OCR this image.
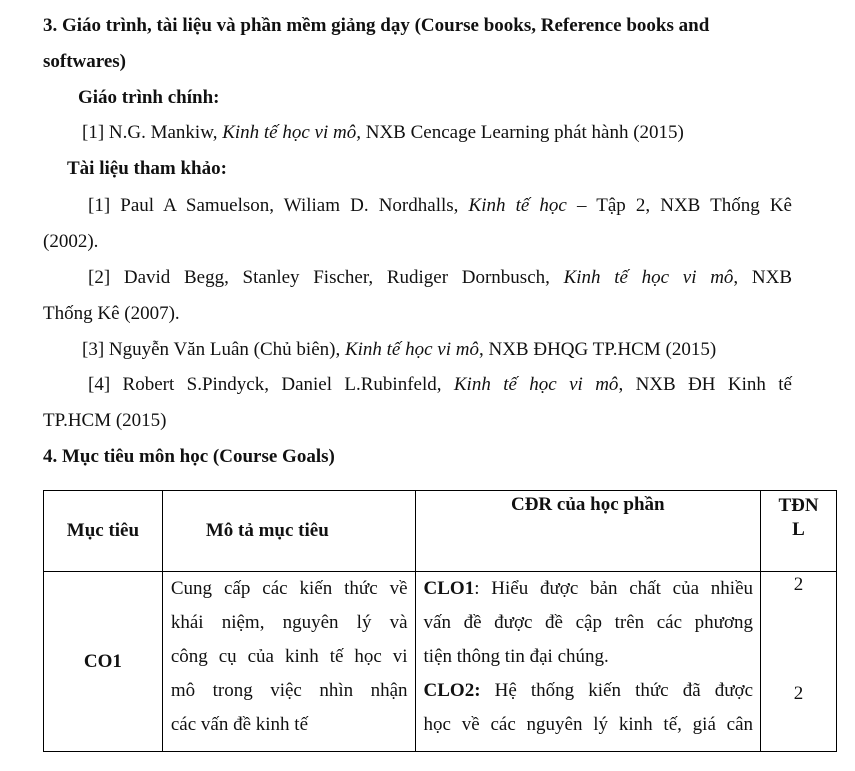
3. Giáo trình, tài liệu và phần mềm giảng dạy (Course books, Reference books and
softwares)
Giáo trình chính:
[1] N.G. Mankiw, Kinh tế học vi mô, NXB Cencage Learning phát hành (2015)
Tài liệu tham khảo:
[1] Paul A Samuelson, Wiliam D. Nordhalls, Kinh tế học – Tập 2, NXB Thống Kê
(2002).
[2] David Begg, Stanley Fischer, Rudiger Dornbusch, Kinh tế học vi mô, NXB
Thống Kê (2007).
[3] Nguyễn Văn Luân (Chủ biên), Kinh tế học vi mô, NXB ĐHQG TP.HCM (2015)
[4] Robert S.Pindyck, Daniel L.Rubinfeld, Kinh tế học vi mô, NXB ĐH Kinh tế
TP.HCM (2015)
4. Mục tiêu môn học (Course Goals)
Mục tiêu	Mô tả mục tiêu	CĐR của học phần	TĐN
L
CO1	Cung cấp các kiến thức về
khái niệm, nguyên lý và
công cụ của kinh tế học vi
mô trong việc nhìn nhận
các vấn đề kinh tế	CLO1: Hiểu được bản chất của nhiều
vấn đề được đề cập trên các phương
tiện thông tin đại chúng.
CLO2: Hệ thống kiến thức đã được
học về các nguyên lý kinh tế, giá cân	2
2
